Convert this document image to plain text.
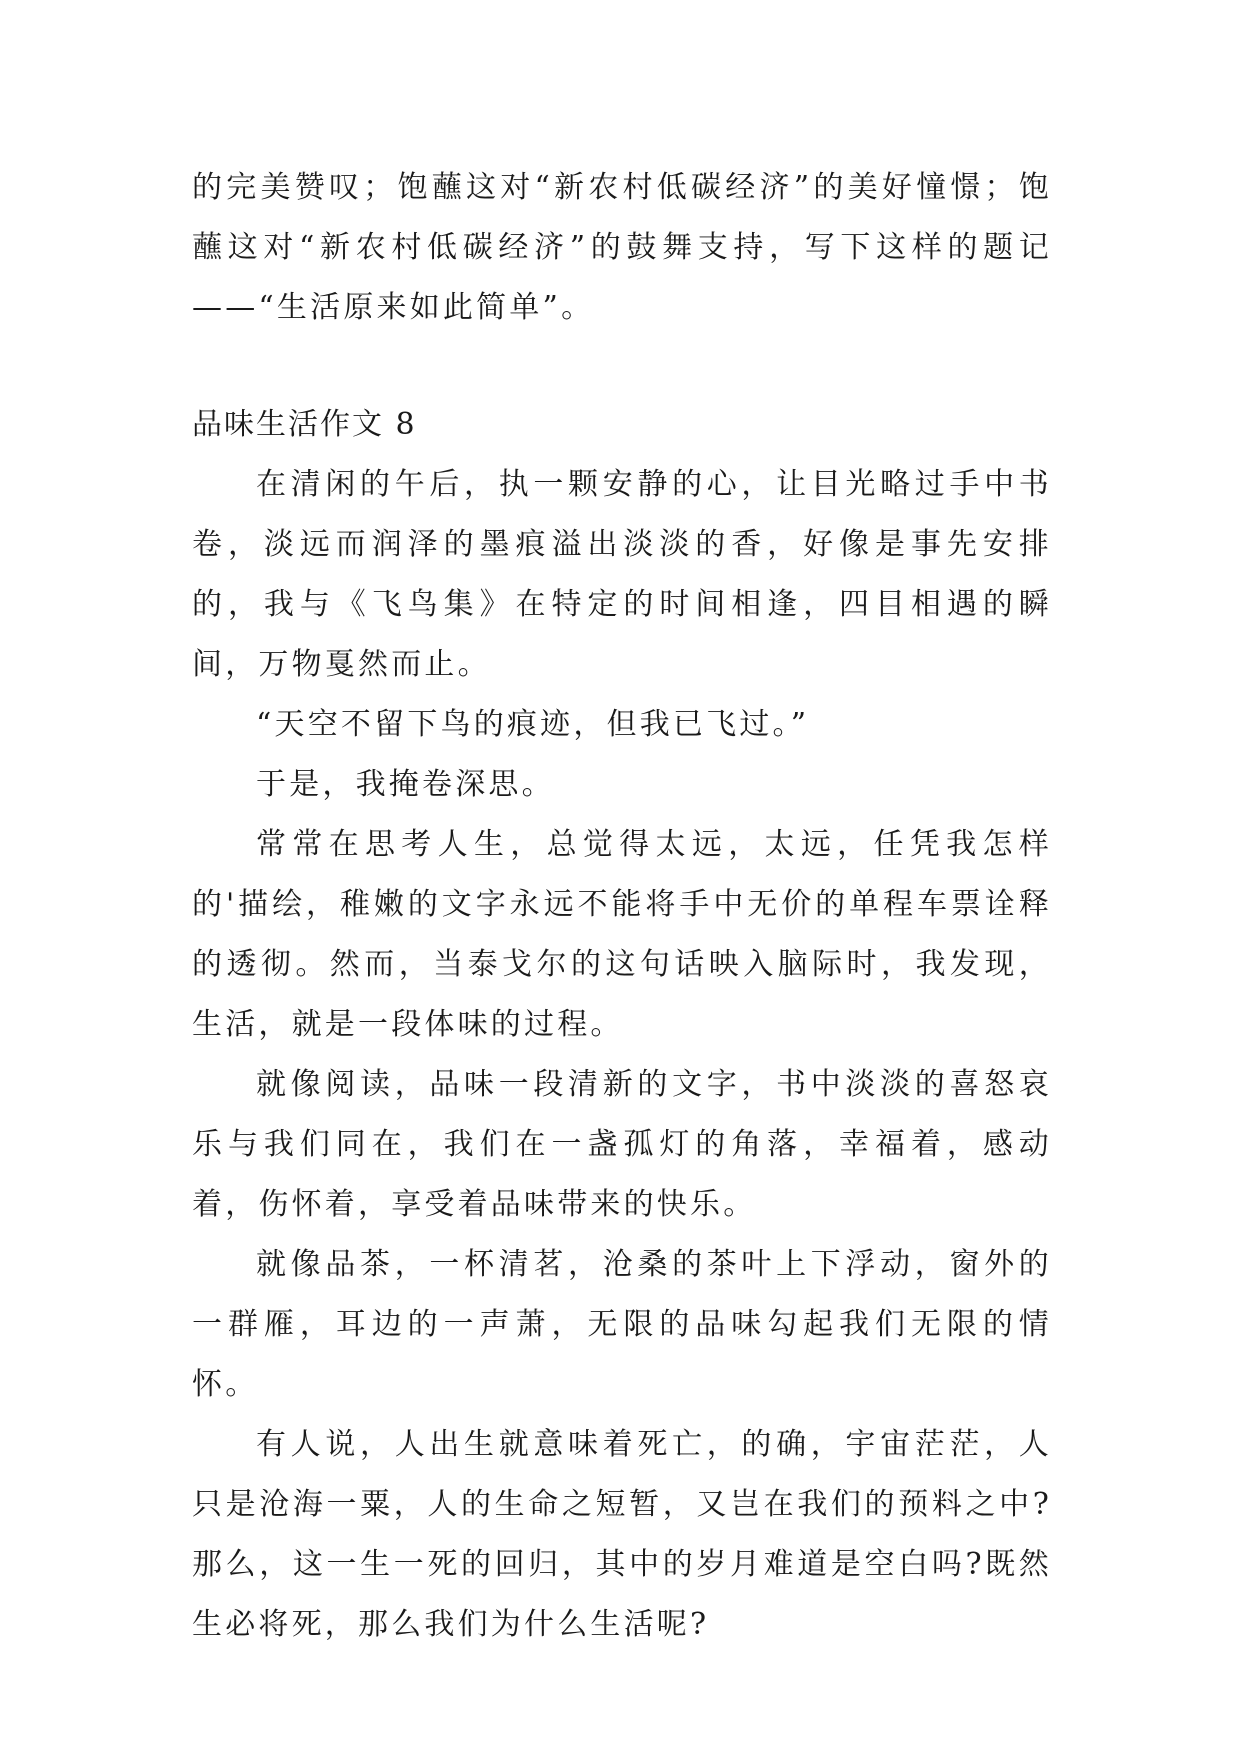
的完美赞叹；饱蘸这对“新农村低碳经济”的美好憧憬；饱蘸这对“新农村低碳经济”的鼓舞支持，写下这样的题记——“生活原来如此简单”。

品味生活作文 8

在清闲的午后，执一颗安静的心，让目光略过手中书卷，淡远而润泽的墨痕溢出淡淡的香，好像是事先安排的，我与《飞鸟集》在特定的时间相逢，四目相遇的瞬间，万物戛然而止。

“天空不留下鸟的痕迹，但我已飞过。”

于是，我掩卷深思。

常常在思考人生，总觉得太远，太远，任凭我怎样的'描绘，稚嫩的文字永远不能将手中无价的单程车票诠释的透彻。然而，当泰戈尔的这句话映入脑际时，我发现，生活，就是一段体味的过程。

就像阅读，品味一段清新的文字，书中淡淡的喜怒哀乐与我们同在，我们在一盏孤灯的角落，幸福着，感动着，伤怀着，享受着品味带来的快乐。

就像品茶，一杯清茗，沧桑的茶叶上下浮动，窗外的一群雁，耳边的一声萧，无限的品味勾起我们无限的情怀。

有人说，人出生就意味着死亡，的确，宇宙茫茫，人只是沧海一粟，人的生命之短暂，又岂在我们的预料之中?那么，这一生一死的回归，其中的岁月难道是空白吗?既然生必将死，那么我们为什么生活呢?
